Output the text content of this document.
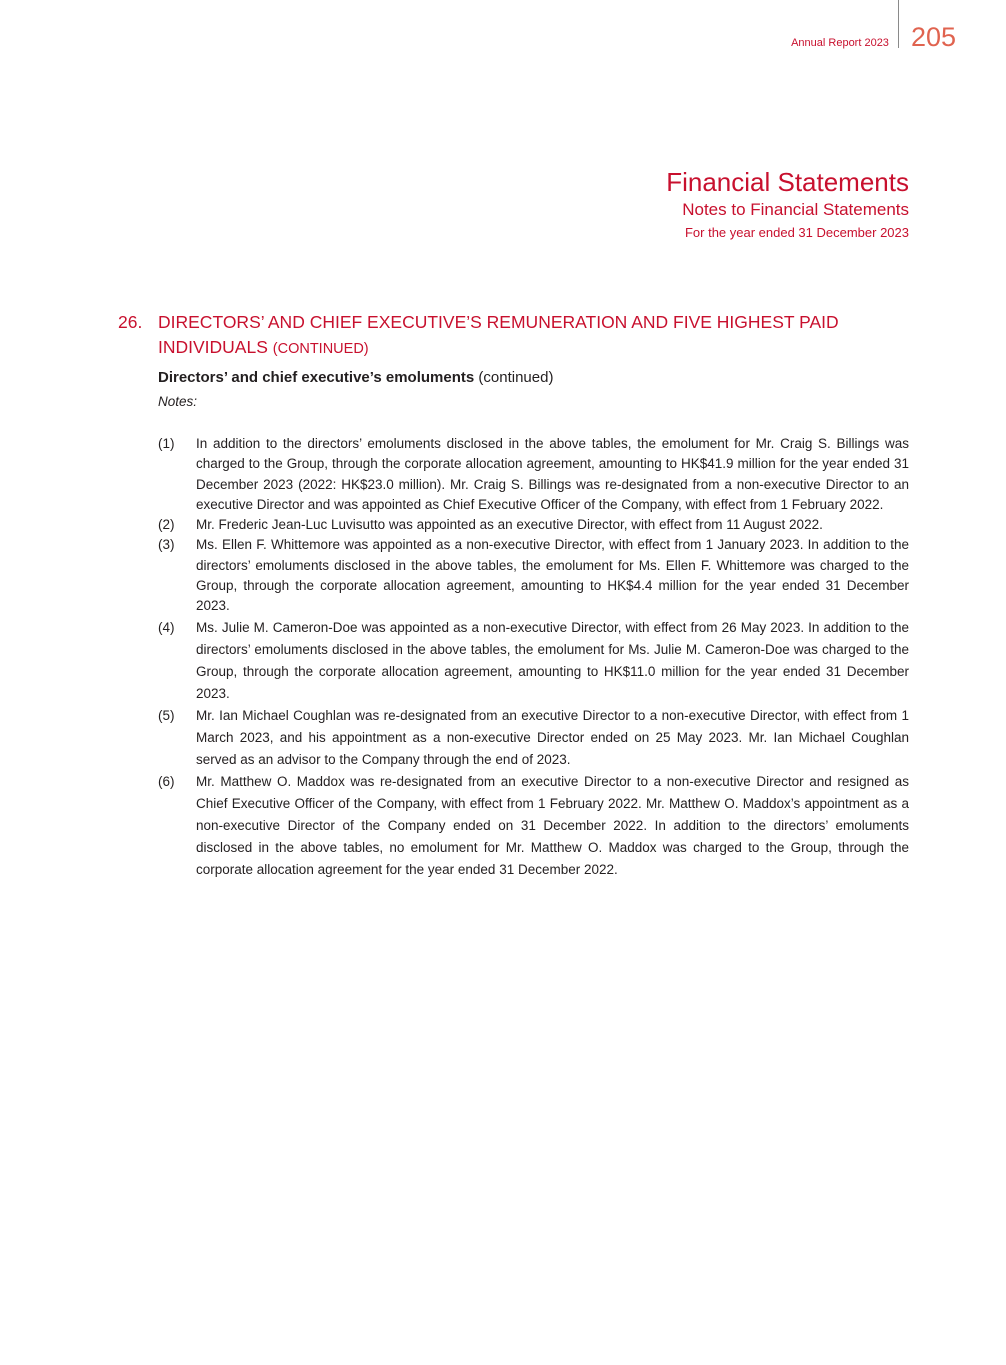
Annual Report 2023 205
Financial Statements
Notes to Financial Statements
For the year ended 31 December 2023
26. DIRECTORS’ AND CHIEF EXECUTIVE’S REMUNERATION AND FIVE HIGHEST PAID INDIVIDUALS (CONTINUED)
Directors’ and chief executive’s emoluments (continued)
Notes:
(1)	In addition to the directors’ emoluments disclosed in the above tables, the emolument for Mr. Craig S. Billings was charged to the Group, through the corporate allocation agreement, amounting to HK$41.9 million for the year ended 31 December 2023 (2022: HK$23.0 million). Mr. Craig S. Billings was re-designated from a non-executive Director to an executive Director and was appointed as Chief Executive Officer of the Company, with effect from 1 February 2022.
(2)	Mr. Frederic Jean-Luc Luvisutto was appointed as an executive Director, with effect from 11 August 2022.
(3)	Ms. Ellen F. Whittemore was appointed as a non-executive Director, with effect from 1 January 2023. In addition to the directors’ emoluments disclosed in the above tables, the emolument for Ms. Ellen F. Whittemore was charged to the Group, through the corporate allocation agreement, amounting to HK$4.4 million for the year ended 31 December 2023.
(4)	Ms. Julie M. Cameron-Doe was appointed as a non-executive Director, with effect from 26 May 2023. In addition to the directors’ emoluments disclosed in the above tables, the emolument for Ms. Julie M. Cameron-Doe was charged to the Group, through the corporate allocation agreement, amounting to HK$11.0 million for the year ended 31 December 2023.
(5)	Mr. Ian Michael Coughlan was re-designated from an executive Director to a non-executive Director, with effect from 1 March 2023, and his appointment as a non-executive Director ended on 25 May 2023. Mr. Ian Michael Coughlan served as an advisor to the Company through the end of 2023.
(6)	Mr. Matthew O. Maddox was re-designated from an executive Director to a non-executive Director and resigned as Chief Executive Officer of the Company, with effect from 1 February 2022. Mr. Matthew O. Maddox’s appointment as a non-executive Director of the Company ended on 31 December 2022. In addition to the directors’ emoluments disclosed in the above tables, no emolument for Mr. Matthew O. Maddox was charged to the Group, through the corporate allocation agreement for the year ended 31 December 2022.
